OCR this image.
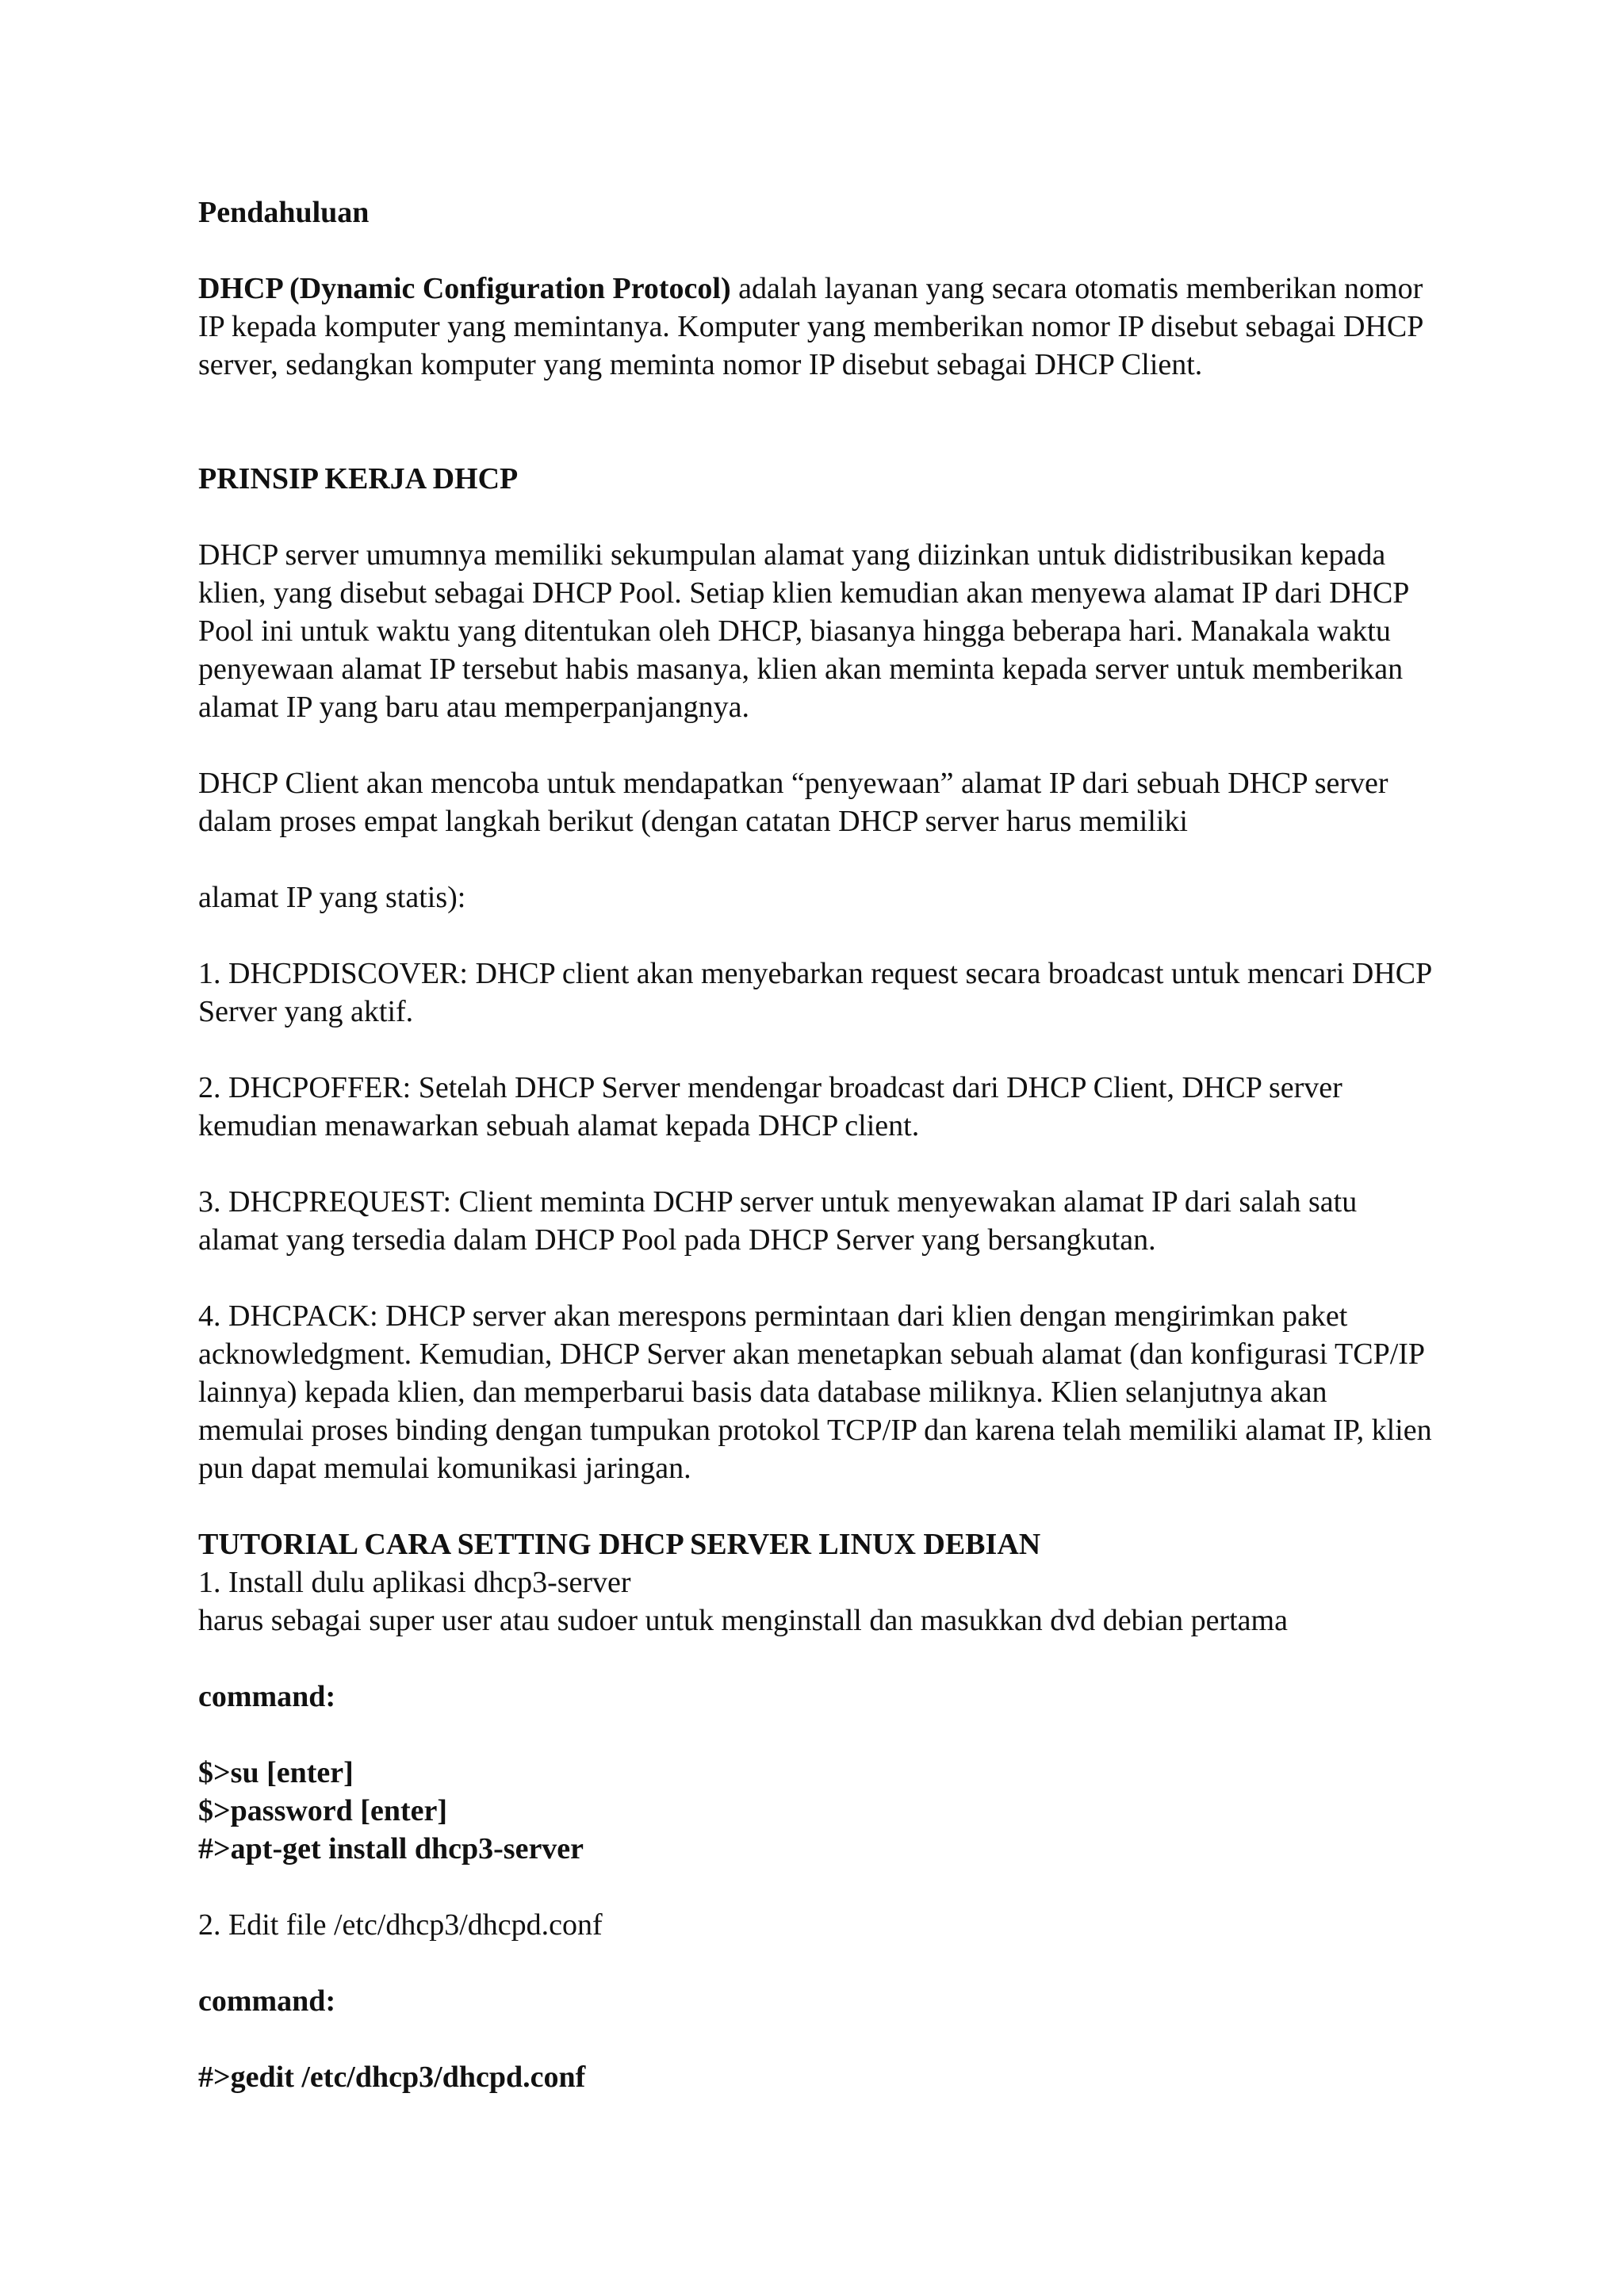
Pendahuluan

DHCP (Dynamic Configuration Protocol) adalah layanan yang secara otomatis memberikan nomor IP kepada komputer yang memintanya. Komputer yang memberikan nomor IP disebut sebagai DHCP server, sedangkan komputer yang meminta nomor IP disebut sebagai DHCP Client.

PRINSIP KERJA DHCP

DHCP server umumnya memiliki sekumpulan alamat yang diizinkan untuk didistribusikan kepada klien, yang disebut sebagai DHCP Pool. Setiap klien kemudian akan menyewa alamat IP dari DHCP Pool ini untuk waktu yang ditentukan oleh DHCP, biasanya hingga beberapa hari. Manakala waktu penyewaan alamat IP tersebut habis masanya, klien akan meminta kepada server untuk memberikan alamat IP yang baru atau memperpanjangnya.

DHCP Client akan mencoba untuk mendapatkan “penyewaan” alamat IP dari sebuah DHCP server dalam proses empat langkah berikut (dengan catatan DHCP server harus memiliki

alamat IP yang statis):

1. DHCPDISCOVER: DHCP client akan menyebarkan request secara broadcast untuk mencari DHCP Server yang aktif.

2. DHCPOFFER: Setelah DHCP Server mendengar broadcast dari DHCP Client, DHCP server kemudian menawarkan sebuah alamat kepada DHCP client.

3. DHCPREQUEST: Client meminta DCHP server untuk menyewakan alamat IP dari salah satu alamat yang tersedia dalam DHCP Pool pada DHCP Server yang bersangkutan.

4. DHCPACK: DHCP server akan merespons permintaan dari klien dengan mengirimkan paket acknowledgment. Kemudian, DHCP Server akan menetapkan sebuah alamat (dan konfigurasi TCP/IP lainnya) kepada klien, dan memperbarui basis data database miliknya. Klien selanjutnya akan memulai proses binding dengan tumpukan protokol TCP/IP dan karena telah memiliki alamat IP, klien pun dapat memulai komunikasi jaringan.

TUTORIAL CARA SETTING DHCP SERVER LINUX DEBIAN

1. Install dulu aplikasi dhcp3-server

harus sebagai super user atau sudoer untuk menginstall dan masukkan dvd debian pertama

command:

$>su [enter]

$>password [enter]

#>apt-get install dhcp3-server

2. Edit file /etc/dhcp3/dhcpd.conf

command:

#>gedit /etc/dhcp3/dhcpd.conf
